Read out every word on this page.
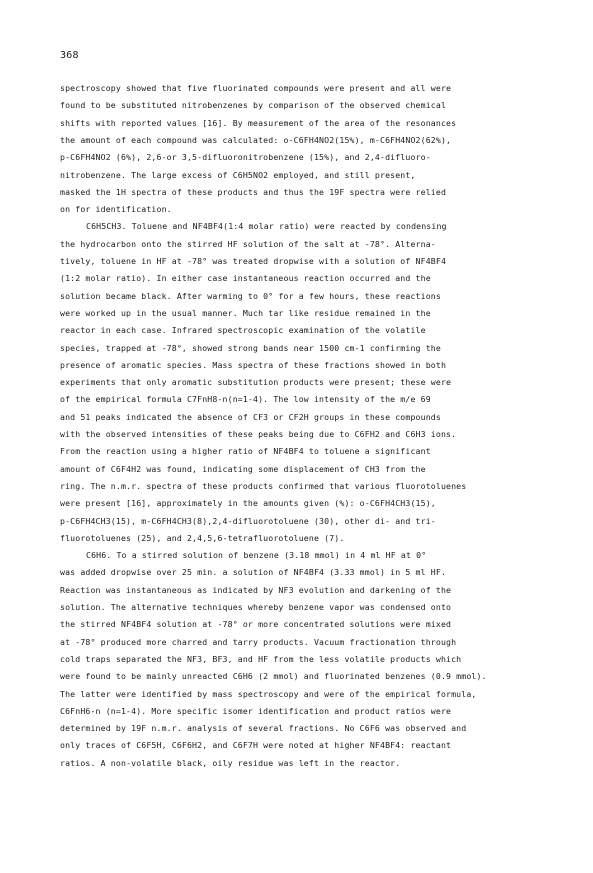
368
spectroscopy showed that five fluorinated compounds were present and all were
found to be substituted nitrobenzenes by comparison of the observed chemical
shifts with reported values [16]. By measurement of the area of the resonances
the amount of each compound was calculated: o-C6FH4NO2(15%), m-C6FH4NO2(62%),
p-C6FH4NO2 (6%), 2,6-or 3,5-difluoronitrobenzene (15%), and 2,4-difluoro-
nitrobenzene. The large excess of C6H5NO2 employed, and still present,
masked the 1H spectra of these products and thus the 19F spectra were relied
on for identification.
C6H5CH3. Toluene and NF4BF4(1:4 molar ratio) were reacted by condensing
the hydrocarbon onto the stirred HF solution of the salt at -78°. Alterna-
tively, toluene in HF at -78° was treated dropwise with a solution of NF4BF4
(1:2 molar ratio). In either case instantaneous reaction occurred and the
solution became black. After warming to 0° for a few hours, these reactions
were worked up in the usual manner. Much tar like residue remained in the
reactor in each case. Infrared spectroscopic examination of the volatile
species, trapped at -78°, showed strong bands near 1500 cm-1 confirming the
presence of aromatic species. Mass spectra of these fractions showed in both
experiments that only aromatic substitution products were present; these were
of the empirical formula C7FnH8-n(n=1-4). The low intensity of the m/e 69
and 51 peaks indicated the absence of CF3 or CF2H groups in these compounds
with the observed intensities of these peaks being due to C6FH2 and C6H3 ions.
From the reaction using a higher ratio of NF4BF4 to toluene a significant
amount of C6F4H2 was found, indicating some displacement of CH3 from the
ring. The n.m.r. spectra of these products confirmed that various fluorotoluenes
were present [16], approximately in the amounts given (%): o-C6FH4CH3(15),
p-C6FH4CH3(15), m-C6FH4CH3(8),2,4-difluorotoluene (30), other di- and tri-
fluorotoluenes (25), and 2,4,5,6-tetrafluorotoluene (7).
C6H6. To a stirred solution of benzene (3.18 mmol) in 4 ml HF at 0°
was added dropwise over 25 min. a solution of NF4BF4 (3.33 mmol) in 5 ml HF.
Reaction was instantaneous as indicated by NF3 evolution and darkening of the
solution. The alternative techniques whereby benzene vapor was condensed onto
the stirred NF4BF4 solution at -78° or more concentrated solutions were mixed
at -78° produced more charred and tarry products. Vacuum fractionation through
cold traps separated the NF3, BF3, and HF from the less volatile products which
were found to be mainly unreacted C6H6 (2 mmol) and fluorinated benzenes (0.9 mmol).
The latter were identified by mass spectroscopy and were of the empirical formula,
C6FnH6-n (n=1-4). More specific isomer identification and product ratios were
determined by 19F n.m.r. analysis of several fractions. No C6F6 was observed and
only traces of C6F5H, C6F6H2, and C6F7H were noted at higher NF4BF4: reactant
ratios. A non-volatile black, oily residue was left in the reactor.
